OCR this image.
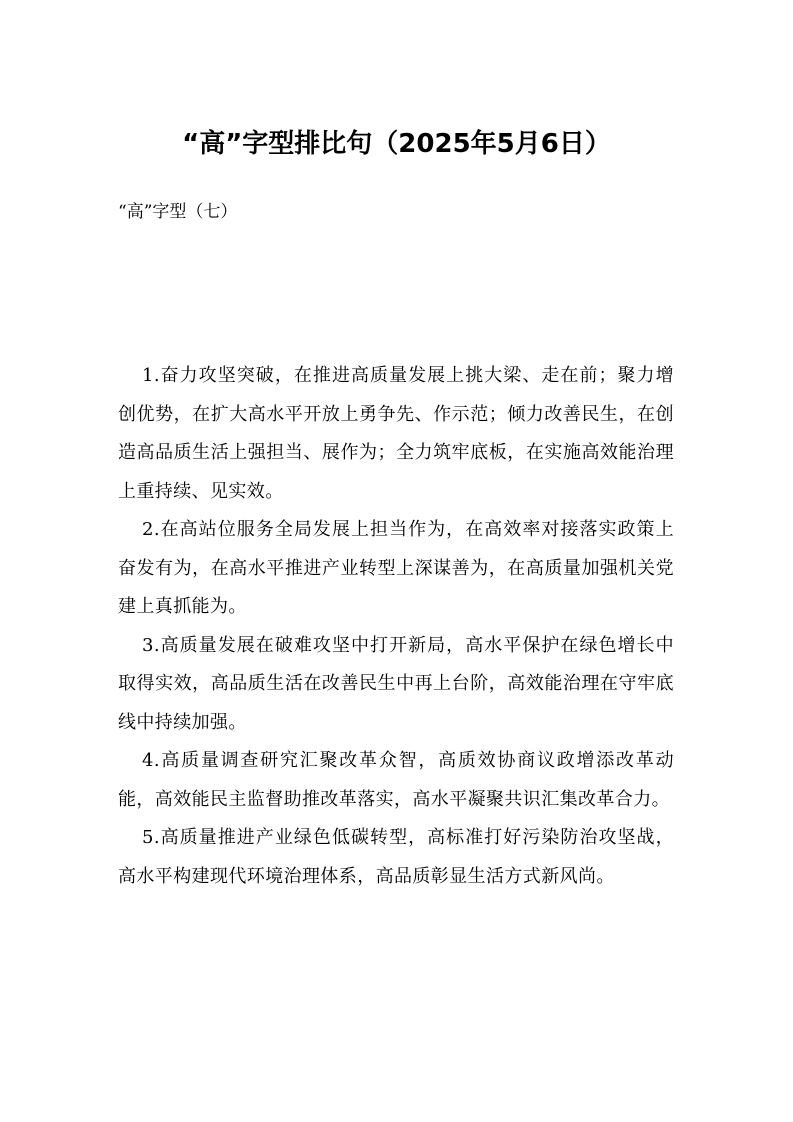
“高”字型排比句（2025年5月6日）
“高”字型（七）

1.奋力攻坚突破，在推进高质量发展上挑大梁、走在前；聚力增创优势，在扩大高水平开放上勇争先、作示范；倾力改善民生，在创造高品质生活上强担当、展作为；全力筑牢底板，在实施高效能治理上重持续、见实效。

2.在高站位服务全局发展上担当作为，在高效率对接落实政策上奋发有为，在高水平推进产业转型上深谋善为，在高质量加强机关党建上真抓能为。

3.高质量发展在破难攻坚中打开新局，高水平保护在绿色增长中取得实效，高品质生活在改善民生中再上台阶，高效能治理在守牢底线中持续加强。

4.高质量调查研究汇聚改革众智，高质效协商议政增添改革动能，高效能民主监督助推改革落实，高水平凝聚共识汇集改革合力。

5.高质量推进产业绿色低碳转型，高标准打好污染防治攻坚战，高水平构建现代环境治理体系，高品质彰显生活方式新风尚。
